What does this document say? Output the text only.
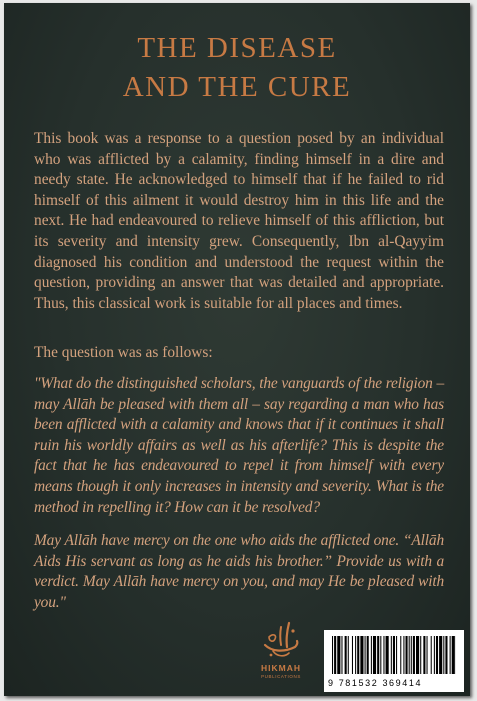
THE DISEASE
AND THE CURE

This book was a response to a question posed by an individual who was afflicted by a calamity, finding himself in a dire and needy state. He acknowledged to himself that if he failed to rid himself of this ailment it would destroy him in this life and the next. He had endeavoured to relieve himself of this affliction, but its severity and intensity grew. Consequently, Ibn al-Qayyim diagnosed his condition and understood the request within the question, providing an answer that was detailed and appropriate. Thus, this classical work is suitable for all places and times.

The question was as follows:

"What do the distinguished scholars, the vanguards of the religion – may Allāh be pleased with them all – say regarding a man who has been afflicted with a calamity and knows that if it continues it shall ruin his worldly affairs as well as his afterlife? This is despite the fact that he has endeavoured to repel it from himself with every means though it only increases in intensity and severity. What is the method in repelling it? How can it be resolved?

May Allāh have mercy on the one who aids the afflicted one. “Allāh Aids His servant as long as he aids his brother.” Provide us with a verdict. May Allāh have mercy on you, and may He be pleased with you."

HIKMAH
PUBLICATIONS
9 781532 369414
